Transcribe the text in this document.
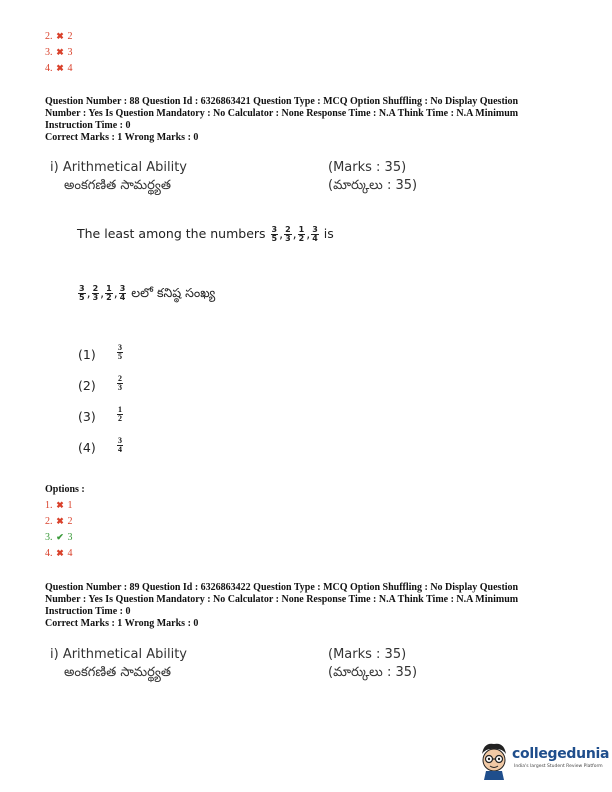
2. ✖ 2
3. ✖ 3
4. ✖ 4
Question Number : 88 Question Id : 6326863421 Question Type : MCQ Option Shuffling : No Display Question
Number : Yes Is Question Mandatory : No Calculator : None Response Time : N.A Think Time : N.A Minimum
Instruction Time : 0
Correct Marks : 1 Wrong Marks : 0
i) Arithmetical Ability
అంకగణిత సామర్థ్యత
(Marks : 35)
(మార్కులు : 35)
The least among the numbers $\frac{3}{5}$ , $\frac{2}{3}$ , $\frac{1}{2}$ , $\frac{3}{4}$ is
$\frac{3}{5}$ , $\frac{2}{3}$ , $\frac{1}{2}$ , $\frac{3}{4}$ లలో కనిష్ఠ సంఖ్య
(1)	$\frac{3}{5}$
(2)	$\frac{2}{3}$
(3)	$\frac{1}{2}$
(4)	$\frac{3}{4}$
Options :
1. ✖ 1
2. ✖ 2
3. ✔ 3
4. ✖ 4
Question Number : 89 Question Id : 6326863422 Question Type : MCQ Option Shuffling : No Display Question
Number : Yes Is Question Mandatory : No Calculator : None Response Time : N.A Think Time : N.A Minimum
Instruction Time : 0
Correct Marks : 1 Wrong Marks : 0
i) Arithmetical Ability
అంకగణిత సామర్థ్యత
(Marks : 35)
(మార్కులు : 35)
collegedunia
India's largest Student Review Platform
